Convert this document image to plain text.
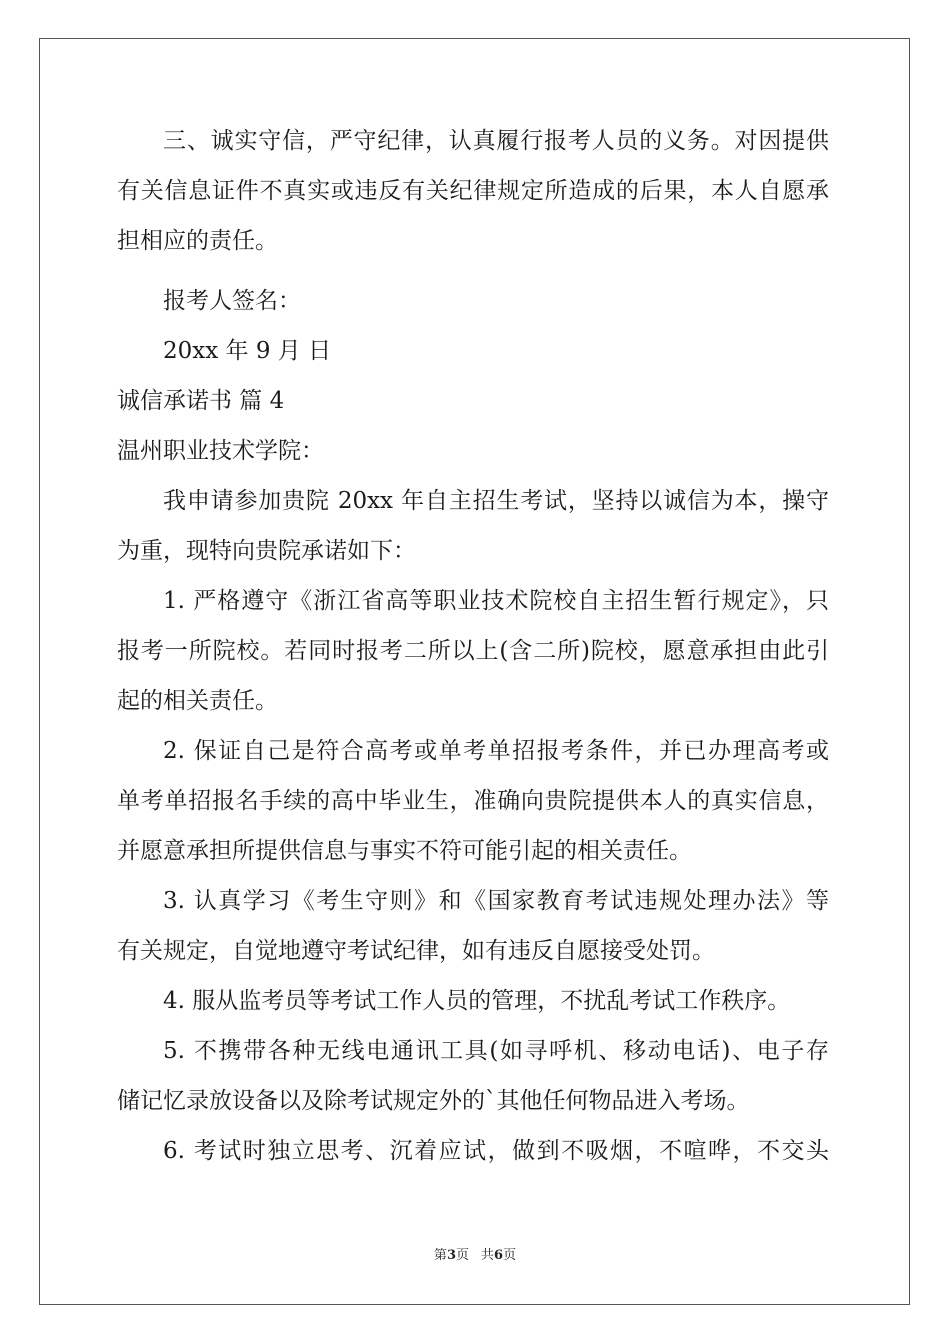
三、诚实守信，严守纪律，认真履行报考人员的义务。对因提供
有关信息证件不真实或违反有关纪律规定所造成的后果，本人自愿承
担相应的责任。
报考人签名：
20xx 年 9 月 日
诚信承诺书 篇 4
温州职业技术学院：
我申请参加贵院 20xx 年自主招生考试，坚持以诚信为本，操守
为重，现特向贵院承诺如下：
1. 严格遵守《浙江省高等职业技术院校自主招生暂行规定》，只
报考一所院校。若同时报考二所以上(含二所)院校，愿意承担由此引
起的相关责任。
2. 保证自己是符合高考或单考单招报考条件，并已办理高考或
单考单招报名手续的高中毕业生，准确向贵院提供本人的真实信息，
并愿意承担所提供信息与事实不符可能引起的相关责任。
3. 认真学习《考生守则》和《国家教育考试违规处理办法》等
有关规定，自觉地遵守考试纪律，如有违反自愿接受处罚。
4. 服从监考员等考试工作人员的管理，不扰乱考试工作秩序。
5. 不携带各种无线电通讯工具(如寻呼机、移动电话)、电子存
储记忆录放设备以及除考试规定外的`其他任何物品进入考场。
6. 考试时独立思考、沉着应试，做到不吸烟，不喧哗，不交头
第3页 共6页
